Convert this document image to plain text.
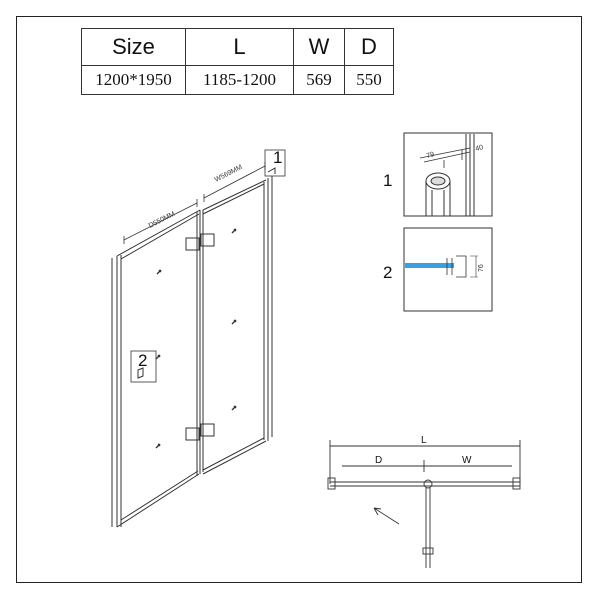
Size	L	W	D
1200*1950	1185-1200	569	550
2
1
D550MM
W569MM	1
79
40
2	76
L
D	W
